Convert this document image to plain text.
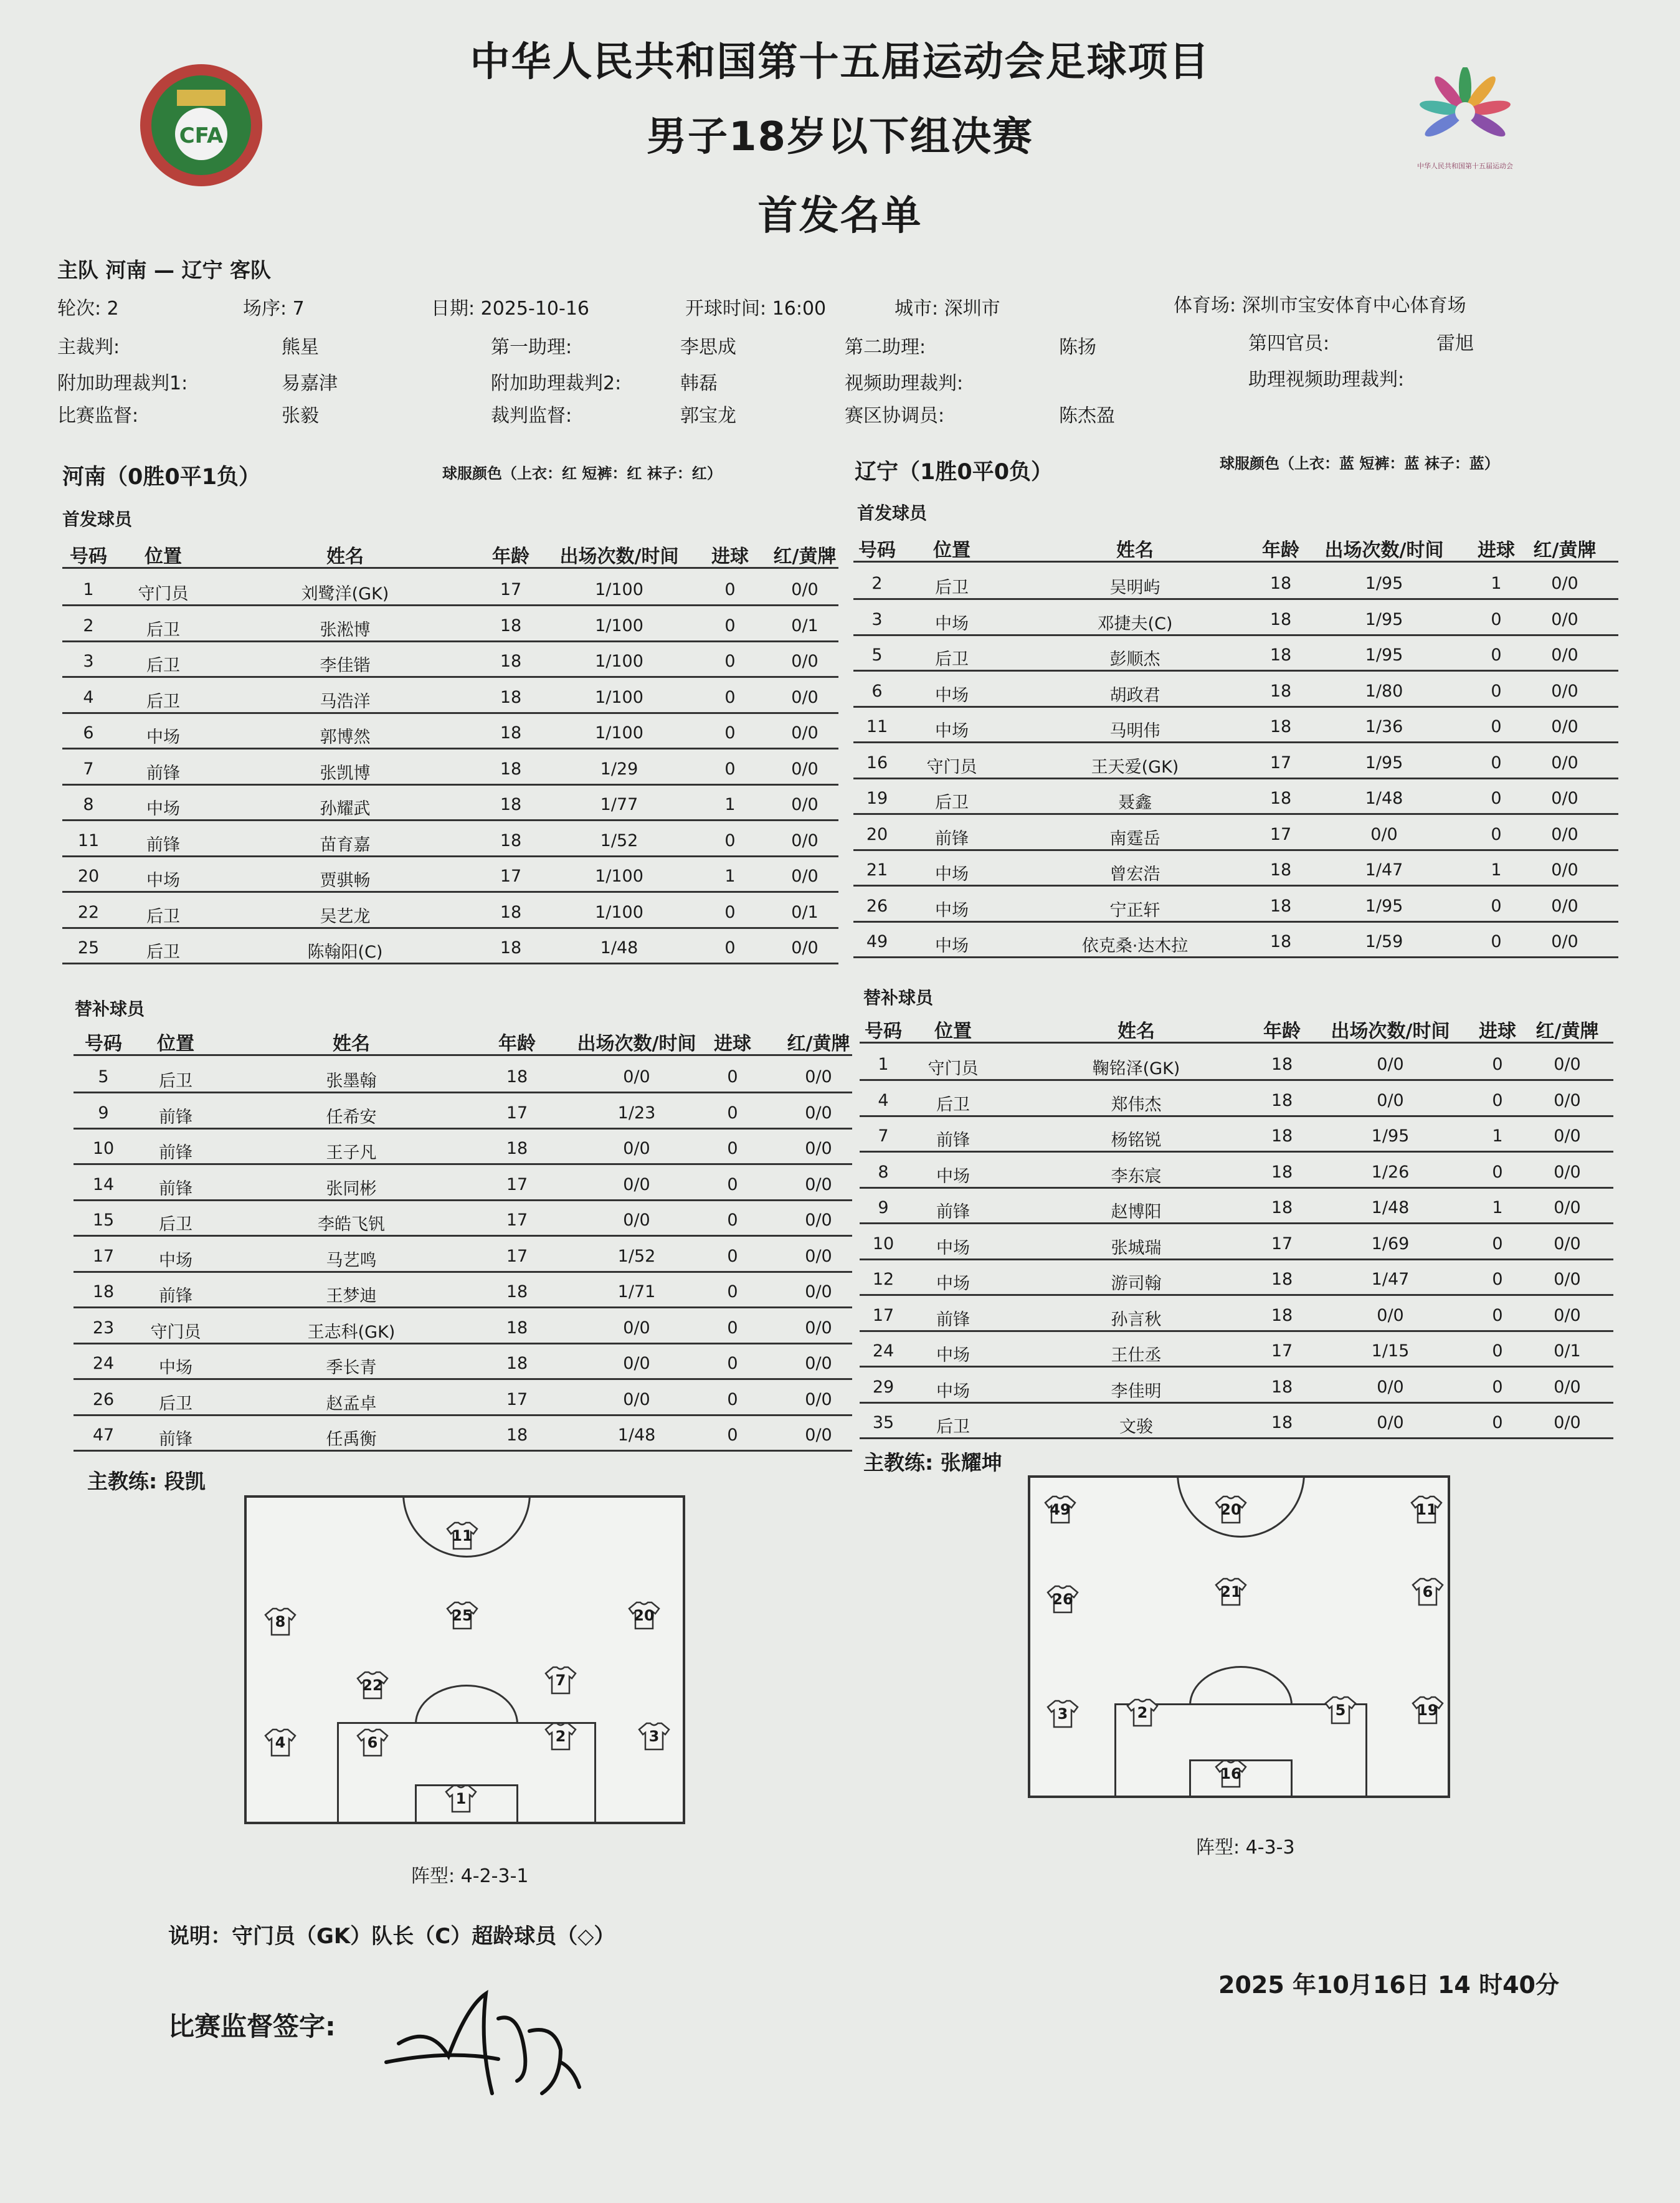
中华人民共和国第十五届运动会足球项目
男子18岁以下组决赛
首发名单
CFA
中华人民共和国第十五届运动会
主队 河南 — 辽宁 客队
轮次: 2	场序: 7	日期: 2025-10-16	开球时间: 16:00	城市: 深圳市	体育场: 深圳市宝安体育中心体育场
主裁判:	熊星	第一助理:	李思成	第二助理:	陈扬	第四官员:	雷旭
附加助理裁判1:	易嘉津	附加助理裁判2:	韩磊	视频助理裁判:	助理视频助理裁判:
比赛监督:	张毅	裁判监督:	郭宝龙	赛区协调员:	陈杰盈
河南（0胜0平1负）	球服颜色（上衣：红 短裤：红 袜子：红）	辽宁（1胜0平0负）	球服颜色（上衣：蓝 短裤：蓝 袜子：蓝）
首发球员	首发球员
替补球员
替补球员
号码	位置	姓名	年龄	出场次数/时间	进球	红/黄牌
1	守门员	刘鹭洋(GK)	17	1/100	0	0/0
2	后卫	张淞博	18	1/100	0	0/1
3	后卫	李佳锴	18	1/100	0	0/0
4	后卫	马浩洋	18	1/100	0	0/0
6	中场	郭博然	18	1/100	0	0/0
7	前锋	张凯博	18	1/29	0	0/0
8	中场	孙耀武	18	1/77	1	0/0
11	前锋	苗育嘉	18	1/52	0	0/0
20	中场	贾骐畅	17	1/100	1	0/0
22	后卫	吴艺龙	18	1/100	0	0/1
25	后卫	陈翰阳(C)	18	1/48	0	0/0
号码	位置	姓名	年龄	出场次数/时间	进球 红/黄牌
2	后卫	吴明屿	18	1/95	1	0/0
3	中场	邓捷夫(C)	18	1/95	0	0/0
5	后卫	彭顺杰	18	1/95	0	0/0
6	中场	胡政君	18	1/80	0	0/0
11	中场	马明伟	18	1/36	0	0/0
16	守门员	王天爱(GK)	17	1/95	0	0/0
19	后卫	聂鑫	18	1/48	0	0/0
20	前锋	南霆岳	17	0/0	0	0/0
21	中场	曾宏浩	18	1/47	1	0/0
26	中场	宁正轩	18	1/95	0	0/0
49	中场	依克桑·达木拉	18	1/59	0	0/0
号码	位置	姓名	年龄	出场次数/时间 进球	红/黄牌
5	后卫	张墨翰	18	0/0	0	0/0
9	前锋	任希安	17	1/23	0	0/0
10	前锋	王子凡	18	0/0	0	0/0
14	前锋	张同彬	17	0/0	0	0/0
15	后卫	李皓飞钒	17	0/0	0	0/0
17	中场	马艺鸣	17	1/52	0	0/0
18	前锋	王梦迪	18	1/71	0	0/0
23	守门员	王志科(GK)	18	0/0	0	0/0
24	中场	季长青	18	0/0	0	0/0
26	后卫	赵孟卓	17	0/0	0	0/0
47	前锋	任禹衡	18	1/48	0	0/0
号码	位置	姓名	年龄	出场次数/时间	进球	红/黄牌
1	守门员	鞠铭泽(GK)	18	0/0	0	0/0
4	后卫	郑伟杰	18	0/0	0	0/0
7	前锋	杨铭锐	18	1/95	1	0/0
8	中场	李东宸	18	1/26	0	0/0
9	前锋	赵博阳	18	1/48	1	0/0
10	中场	张城瑞	17	1/69	0	0/0
12	中场	游司翰	18	1/47	0	0/0
17	前锋	孙言秋	18	0/0	0	0/0
24	中场	王仕丞	17	1/15	0	0/1
29	中场	李佳明	18	0/0	0	0/0
35	后卫	文骏	18	0/0	0	0/0
主教练: 段凯
主教练: 张耀坤
11
8	25	20
22	7
4	6	2	3
1
49	20	11
26	21	6
3	2	5	19
16
阵型: 4-2-3-1
阵型: 4-3-3
说明：守门员（GK）队长（C）超龄球员（◇）
2025 年10月16日 14 时40分
比赛监督签字:
